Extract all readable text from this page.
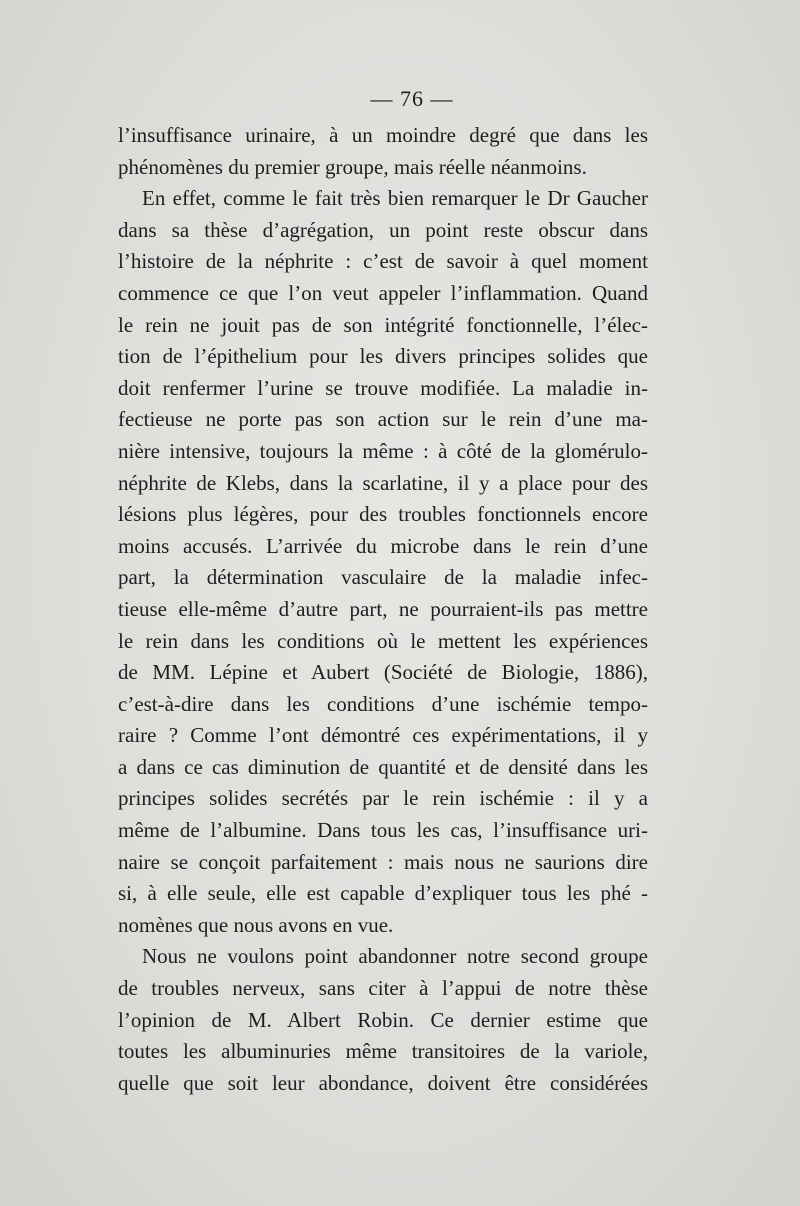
— 76 —
l’insuffisance urinaire, à un moindre degré que dans les
phénomènes du premier groupe, mais réelle néanmoins.
En effet, comme le fait très bien remarquer le Dr Gaucher
dans sa thèse d’agrégation, un point reste obscur dans
l’histoire de la néphrite : c’est de savoir à quel moment
commence ce que l’on veut appeler l’inflammation. Quand
le rein ne jouit pas de son intégrité fonctionnelle, l’élec-
tion de l’épithelium pour les divers principes solides que
doit renfermer l’urine se trouve modifiée. La maladie in-
fectieuse ne porte pas son action sur le rein d’une ma-
nière intensive, toujours la même : à côté de la glomérulo-
néphrite de Klebs, dans la scarlatine, il y a place pour des
lésions plus légères, pour des troubles fonctionnels encore
moins accusés. L’arrivée du microbe dans le rein d’une
part, la détermination vasculaire de la maladie infec-
tieuse elle-même d’autre part, ne pourraient-ils pas mettre
le rein dans les conditions où le mettent les expériences
de MM. Lépine et Aubert (Société de Biologie, 1886),
c’est-à-dire dans les conditions d’une ischémie tempo-
raire ? Comme l’ont démontré ces expérimentations, il y
a dans ce cas diminution de quantité et de densité dans les
principes solides secrétés par le rein ischémie : il y a
même de l’albumine. Dans tous les cas, l’insuffisance uri-
naire se conçoit parfaitement : mais nous ne saurions dire
si, à elle seule, elle est capable d’expliquer tous les phé -
nomènes que nous avons en vue.
Nous ne voulons point abandonner notre second groupe
de troubles nerveux, sans citer à l’appui de notre thèse
l’opinion de M. Albert Robin. Ce dernier estime que
toutes les albuminuries même transitoires de la variole,
quelle que soit leur abondance, doivent être considérées
